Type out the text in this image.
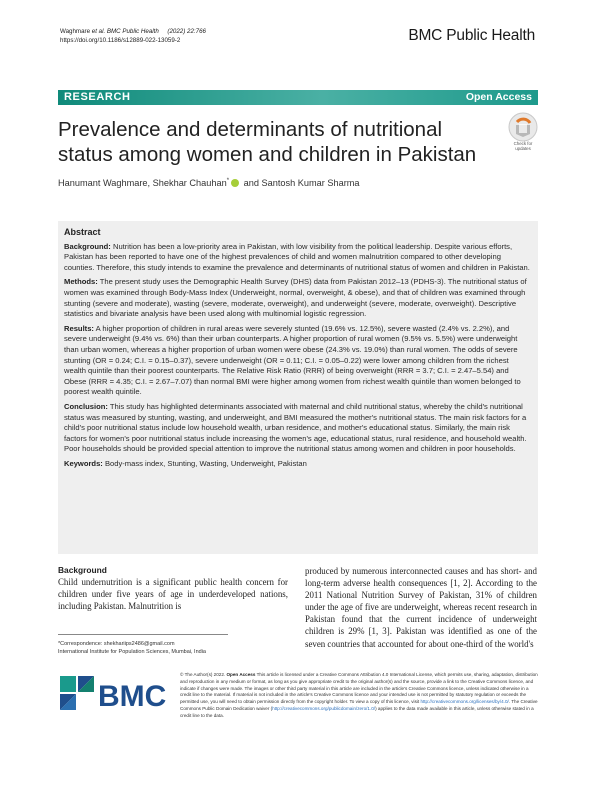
Waghmare et al. BMC Public Health (2022) 22:766
https://doi.org/10.1186/s12889-022-13059-2	BMC Public Health
RESEARCH	Open Access
Prevalence and determinants of nutritional status among women and children in Pakistan	Check for
updates
Hanumant Waghmare, Shekhar Chauhan* and Santosh Kumar Sharma
Abstract

Background: Nutrition has been a low-priority area in Pakistan, with low visibility from the political leadership. Despite various efforts, Pakistan has been reported to have one of the highest prevalences of child and women malnutrition compared to other developing counties. Therefore, this study intends to examine the prevalence and determinants of nutritional status of women and children in Pakistan.

Methods: The present study uses the Demographic Health Survey (DHS) data from Pakistan 2012–13 (PDHS-3). The nutritional status of women was examined through Body-Mass Index (Underweight, normal, overweight, & obese), and that of children was examined through stunting (severe and moderate), wasting (severe, moderate, overweight), and underweight (severe, moderate, overweight). Descriptive statistics and bivariate analysis have been used along with multinomial logistic regression.

Results: A higher proportion of children in rural areas were severely stunted (19.6% vs. 12.5%), severe wasted (2.4% vs. 2.2%), and severe underweight (9.4% vs. 6%) than their urban counterparts. A higher proportion of rural women (9.5% vs. 5.5%) were underweight than urban women, whereas a higher proportion of urban women were obese (24.3% vs. 19.0%) than rural women. The odds of severe stunting (OR = 0.24; C.I. = 0.15–0.37), severe underweight (OR = 0.11; C.I. = 0.05–0.22) were lower among children from the richest wealth quintile than their poorest counterparts. The Relative Risk Ratio (RRR) of being overweight (RRR = 3.7; C.I. = 2.47–5.54) and Obese (RRR = 4.35; C.I. = 2.67–7.07) than normal BMI were higher among women from richest wealth quintile than women belonged to poorest wealth quintile.

Conclusion: This study has highlighted determinants associated with maternal and child nutritional status, whereby the child's nutritional status was measured by stunting, wasting, and underweight, and BMI measured the mother's nutritional status. The main risk factors for a child's poor nutritional status include low household wealth, urban residence, and mother's educational status. Similarly, the main risk factors for women's poor nutritional status include increasing the women's age, educational status, rural residence, and household wealth. Poor households should be provided special attention to improve the nutritional status among women and children in poor households.

Keywords: Body-mass index, Stunting, Wasting, Underweight, Pakistan

Background

Child undernutrition is a significant public health concern for children under five years of age in underdeveloped nations, including Pakistan. Malnutrition is

produced by numerous interconnected causes and has short- and long-term adverse health consequences [1, 2]. According to the 2011 National Nutrition Survey of Pakistan, 31% of children under the age of five are underweight, whereas recent research in Pakistan found that the current incidence of underweight children is 29% [1, 3]. Pakistan was identified as one of the seven countries that accounted for about one-third of the world's

*Correspondence: shekhariips2486@gmail.com
International Institute for Population Sciences, Mumbai, India
BMC
© The Author(s) 2022. Open Access This article is licensed under a Creative Commons Attribution 4.0 International License, which permits use, sharing, adaptation, distribution and reproduction in any medium or format, as long as you give appropriate credit to the original author(s) and the source, provide a link to the Creative Commons licence, and indicate if changes were made. The images or other third party material in this article are included in the article's Creative Commons licence, unless indicated otherwise in a credit line to the material. If material is not included in the article's Creative Commons licence and your intended use is not permitted by statutory regulation or exceeds the permitted use, you will need to obtain permission directly from the copyright holder. To view a copy of this licence, visit http://creativecommons.org/licenses/by/4.0/. The Creative Commons Public Domain Dedication waiver (http://creativecommons.org/publicdomain/zero/1.0/) applies to the data made available in this article, unless otherwise stated in a credit line to the data.
